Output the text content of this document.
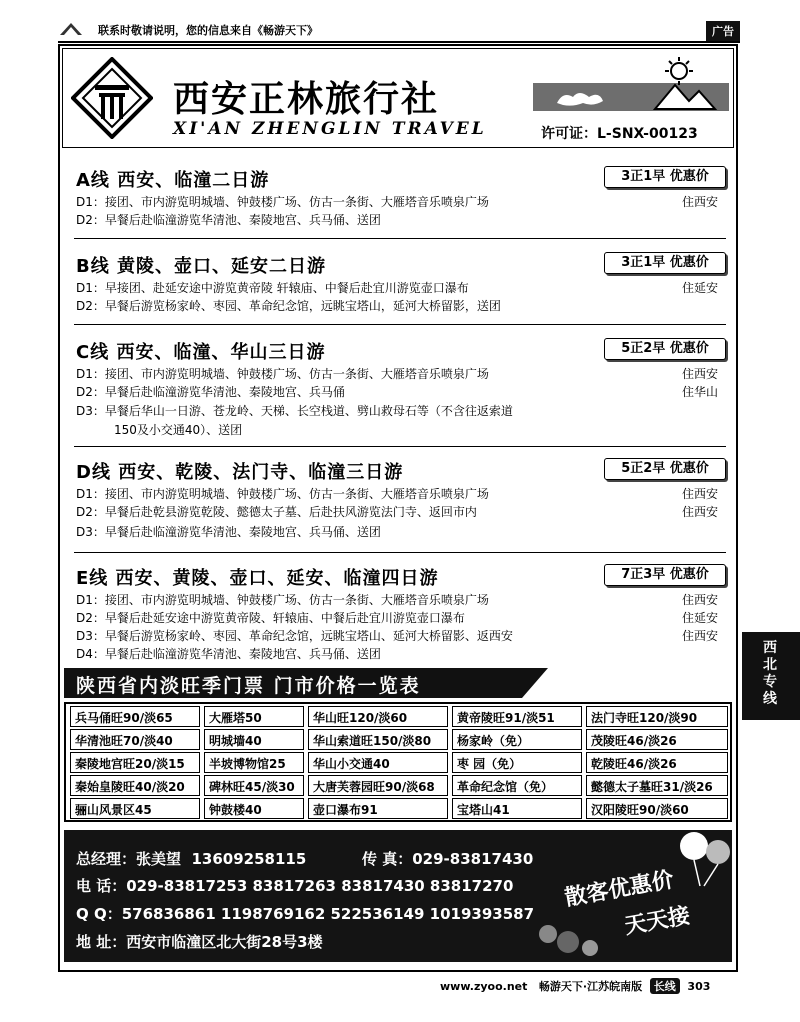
联系时敬请说明，您的信息来自《畅游天下》	广告
西安正林旅行社
XI'AN ZHENGLIN TRAVEL	许可证：L-SNX-00123
A线 西安、临潼二日游	3正1早 优惠价
D1：接团、市内游览明城墙、钟鼓楼广场、仿古一条街、大雁塔音乐喷泉广场	住西安
D2：早餐后赴临潼游览华清池、秦陵地宫、兵马俑、送团
B线 黄陵、壶口、延安二日游	3正1早 优惠价
D1：早接团、赴延安途中游览黄帝陵 轩辕庙、中餐后赴宜川游览壶口瀑布	住延安
D2：早餐后游览杨家岭、枣园、革命纪念馆，远眺宝塔山，延河大桥留影，送团
C线 西安、临潼、华山三日游	5正2早 优惠价
D1：接团、市内游览明城墙、钟鼓楼广场、仿古一条街、大雁塔音乐喷泉广场	住西安
D2：早餐后赴临潼游览华清池、秦陵地宫、兵马俑	住华山
D3：早餐后华山一日游、苍龙岭、天梯、长空栈道、劈山救母石等（不含往返索道
150及小交通40）、送团
D线 西安、乾陵、法门寺、临潼三日游	5正2早 优惠价
D1：接团、市内游览明城墙、钟鼓楼广场、仿古一条街、大雁塔音乐喷泉广场	住西安
D2：早餐后赴乾县游览乾陵、懿德太子墓、后赴扶风游览法门寺、返回市内	住西安
D3：早餐后赴临潼游览华清池、秦陵地宫、兵马俑、送团
E线 西安、黄陵、壶口、延安、临潼四日游	7正3早 优惠价
D1：接团、市内游览明城墙、钟鼓楼广场、仿古一条街、大雁塔音乐喷泉广场	住西安
D2：早餐后赴延安途中游览黄帝陵、轩辕庙、中餐后赴宜川游览壶口瀑布	住延安
D3：早餐后游览杨家岭、枣园、革命纪念馆，远眺宝塔山、延河大桥留影、返西安	住西安
D4：早餐后赴临潼游览华清池、秦陵地宫、兵马俑、送团
陕西省内淡旺季门票 门市价格一览表
兵马俑旺90/淡65	大雁塔50	华山旺120/淡60	黄帝陵旺91/淡51	法门寺旺120/淡90
华清池旺70/淡40	明城墙40	华山索道旺150/淡80	杨家岭（免）	茂陵旺46/淡26
秦陵地宫旺20/淡15	半坡博物馆25	华山小交通40	枣 园（免）	乾陵旺46/淡26
秦始皇陵旺40/淡20	碑林旺45/淡30	大唐芙蓉园旺90/淡68	革命纪念馆（免）	懿德太子墓旺31/淡26
骊山风景区45	钟鼓楼40	壶口瀑布91	宝塔山41	汉阳陵旺90/淡60
总经理：张美望 13609258115	传 真：029-83817430
电 话：029-83817253 83817263 83817430 83817270
Q Q：576836861 1198769162 522536149 1019393587
地 址：西安市临潼区北大街28号3楼
散客优惠价
天天接
西北专线
www.zyoo.net 畅游天下·江苏皖南版 长线 303
